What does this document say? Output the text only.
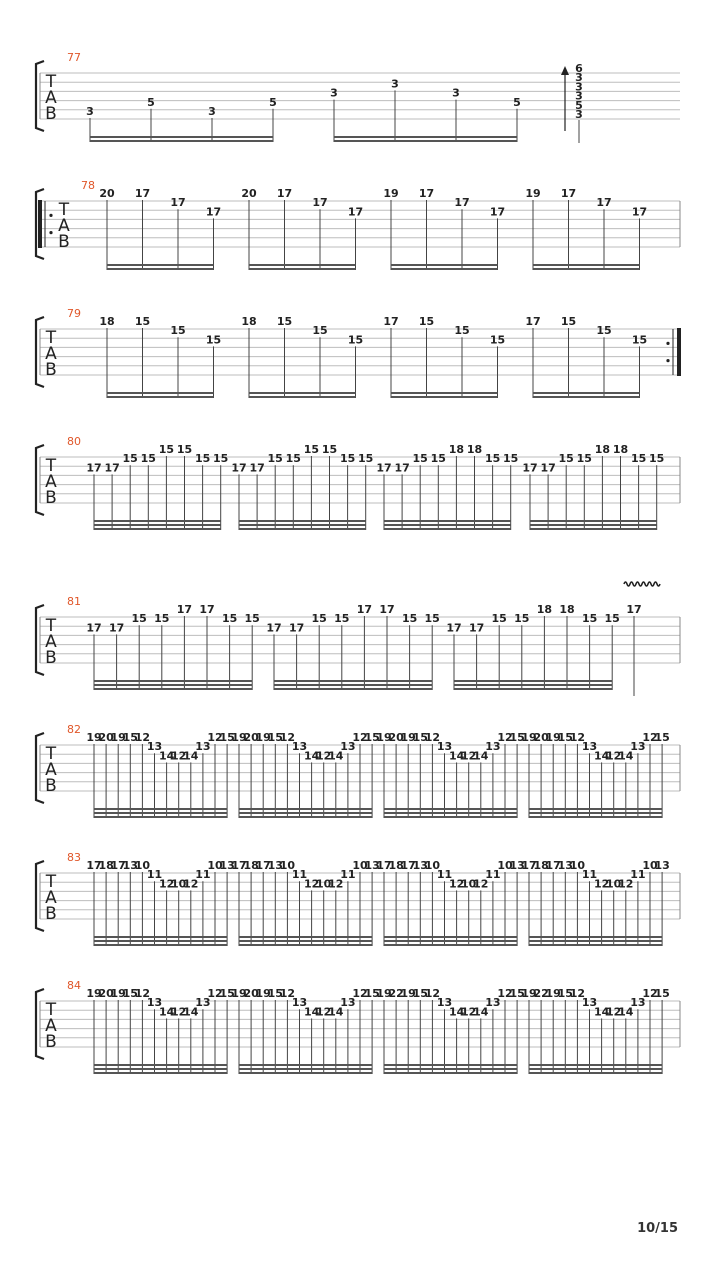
T
A
B
77
3
5
3
5
3
3
3
5
6
3
3
3
5
3
T
A
B
78
20 17
17
17
20 17
17
17
19 17
17
17
19 17
17
17
T
A
B
79
18 15
15
15
18 15
15
15
17 15
15
15
17 15
15
15
T
A
B
80
17 17
15 15
15 15
15 15
17 17
15 15
15 15
15 15
17 17
15 15
18 18
15 15
17 17
15 15
18 18
15 15
T
A
B
81
17 17
15 15
17 17
15 15
17 17
15 15
17 17
15 15
17 17
15 15
18 18
15 15
17
T
A
B
82
19
20
19
15
12
13
14
12
14
13
12
15
19
20
19
15
12
13
14
12
14
13
12
15
19
20
19
15
12
13
14
12
14
13
12
15
19
20
19
15
12
13
14
12
14
13
12
15
T
A
B
83
17
18
17
13
10
11
12
10
12
11
10
13
17
18
17
13
10
11
12
10
12
11
10
13
17
18
17
13
10
11
12
10
12
11
10
13
17
18
17
13
10
11
12
10
12
11
10
13
T
A
B
84
19
20
19
15
12
13
14
12
14
13
12
15
19
20
19
15
12
13
14
12
14
13
12
15
19
22
19
15
12
13
14
12
14
13
12
15
19
22
19
15
12
13
14
12
14
13
12
15
10/15
